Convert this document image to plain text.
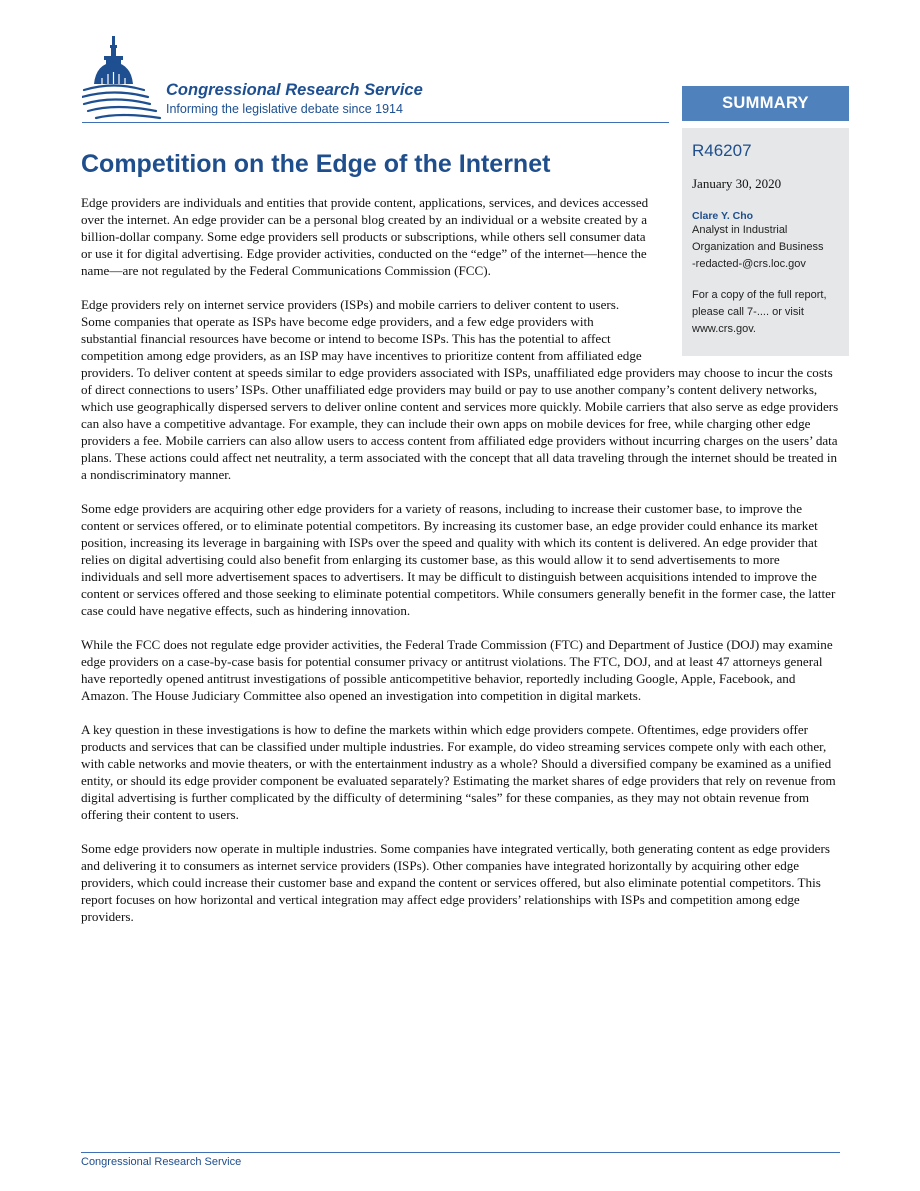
Congressional Research Service

Informing the legislative debate since 1914	SUMMARY

R46207

January 30, 2020

Clare Y. Cho

Analyst in Industrial

Organization and Business

-redacted-@crs.loc.gov

For a copy of the full report,

please call 7-.... or visit

www.crs.gov.

Competition on the Edge of the Internet

Edge providers are individuals and entities that provide content, applications, services, and devices accessed over the internet. An edge provider can be a personal blog created by an individual or a website created by a billion-dollar company. Some edge providers sell products or subscriptions, while others sell consumer data or use it for digital advertising. Edge provider activities, conducted on the “edge” of the internet—hence the name—are not regulated by the Federal Communications Commission (FCC).

Edge providers rely on internet service providers (ISPs) and mobile carriers to deliver content to users. Some companies that operate as ISPs have become edge providers, and a few edge providers with substantial financial resources have become or intend to become ISPs. This has the potential to affect competition among edge providers, as an ISP may have incentives to prioritize content from affiliated edge providers. To deliver content at speeds similar to edge providers associated with ISPs, unaffiliated edge providers may choose to incur the costs of direct connections to users’ ISPs. Other unaffiliated edge providers may build or pay to use another company’s content delivery networks, which use geographically dispersed servers to deliver online content and services more quickly. Mobile carriers that also serve as edge providers can also have a competitive advantage. For example, they can include their own apps on mobile devices for free, while charging other edge providers a fee. Mobile carriers can also allow users to access content from affiliated edge providers without incurring charges on the users’ data plans. These actions could affect net neutrality, a term associated with the concept that all data traveling through the internet should be treated in a nondiscriminatory manner.

Some edge providers are acquiring other edge providers for a variety of reasons, including to increase their customer base, to improve the content or services offered, or to eliminate potential competitors. By increasing its customer base, an edge provider could enhance its market position, increasing its leverage in bargaining with ISPs over the speed and quality with which its content is delivered. An edge provider that relies on digital advertising could also benefit from enlarging its customer base, as this would allow it to send advertisements to more individuals and sell more advertisement spaces to advertisers. It may be difficult to distinguish between acquisitions intended to improve the content or services offered and those seeking to eliminate potential competitors. While consumers generally benefit in the former case, the latter case could have negative effects, such as hindering innovation.

While the FCC does not regulate edge provider activities, the Federal Trade Commission (FTC) and Department of Justice (DOJ) may examine edge providers on a case-by-case basis for potential consumer privacy or antitrust violations. The FTC, DOJ, and at least 47 attorneys general have reportedly opened antitrust investigations of possible anticompetitive behavior, reportedly including Google, Apple, Facebook, and Amazon. The House Judiciary Committee also opened an investigation into competition in digital markets.

A key question in these investigations is how to define the markets within which edge providers compete. Oftentimes, edge providers offer products and services that can be classified under multiple industries. For example, do video streaming services compete only with each other, with cable networks and movie theaters, or with the entertainment industry as a whole? Should a diversified company be examined as a unified entity, or should its edge provider component be evaluated separately? Estimating the market shares of edge providers that rely on revenue from digital advertising is further complicated by the difficulty of determining “sales” for these companies, as they may not obtain revenue from offering their content to users.

Some edge providers now operate in multiple industries. Some companies have integrated vertically, both generating content as edge providers and delivering it to consumers as internet service providers (ISPs). Other companies have integrated horizontally by acquiring other edge providers, which could increase their customer base and expand the content or services offered, but also eliminate potential competitors. This report focuses on how horizontal and vertical integration may affect edge providers’ relationships with ISPs and competition among edge providers.

Congressional Research Service
